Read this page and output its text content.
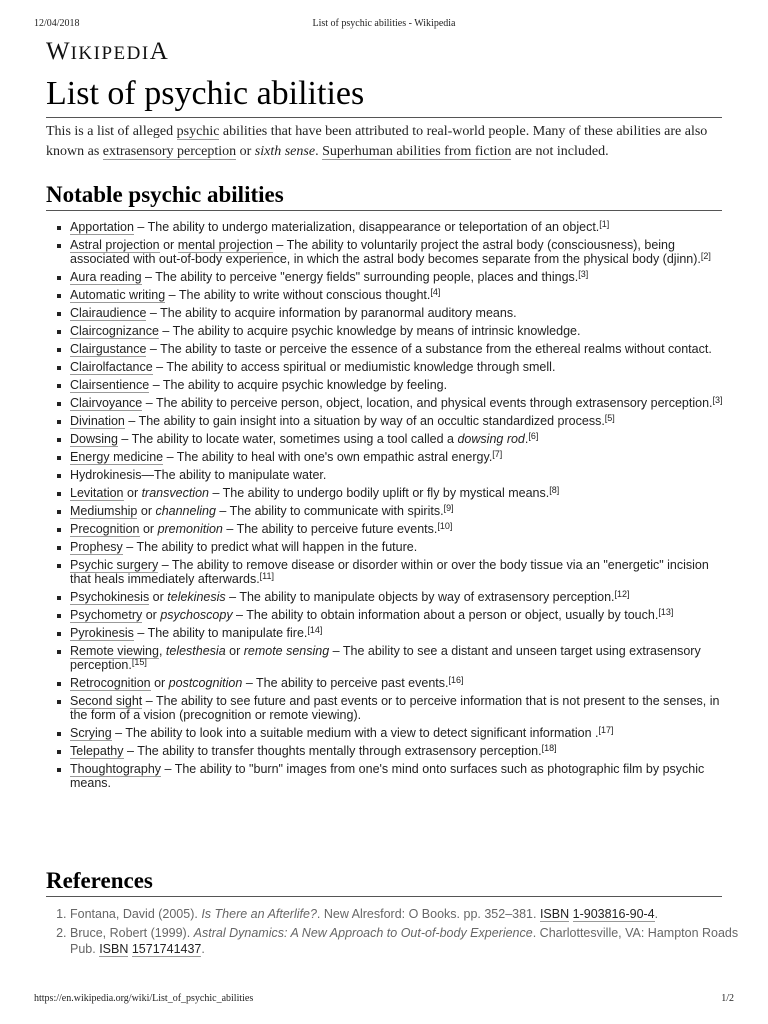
12/04/2018	List of psychic abilities - Wikipedia
WIKIPEDIA
List of psychic abilities

This is a list of alleged psychic abilities that have been attributed to real-world people. Many of these abilities are also known as extrasensory perception or sixth sense. Superhuman abilities from fiction are not included.

Notable psychic abilities
Apportation – The ability to undergo materialization, disappearance or teleportation of an object.[1]
Astral projection or mental projection – The ability to voluntarily project the astral body (consciousness), being associated with out-of-body experience, in which the astral body becomes separate from the physical body (djinn).[2]
Aura reading – The ability to perceive "energy fields" surrounding people, places and things.[3]
Automatic writing – The ability to write without conscious thought.[4]
Clairaudience – The ability to acquire information by paranormal auditory means.
Claircognizance – The ability to acquire psychic knowledge by means of intrinsic knowledge.
Clairgustance – The ability to taste or perceive the essence of a substance from the ethereal realms without contact.
Clairolfactance – The ability to access spiritual or mediumistic knowledge through smell.
Clairsentience – The ability to acquire psychic knowledge by feeling.
Clairvoyance – The ability to perceive person, object, location, and physical events through extrasensory perception.[3]
Divination – The ability to gain insight into a situation by way of an occultic standardized process.[5]
Dowsing – The ability to locate water, sometimes using a tool called a dowsing rod.[6]
Energy medicine – The ability to heal with one's own empathic astral energy.[7]
Hydrokinesis—The ability to manipulate water.
Levitation or transvection – The ability to undergo bodily uplift or fly by mystical means.[8]
Mediumship or channeling – The ability to communicate with spirits.[9]
Precognition or premonition – The ability to perceive future events.[10]
Prophesy – The ability to predict what will happen in the future.
Psychic surgery – The ability to remove disease or disorder within or over the body tissue via an "energetic" incision that heals immediately afterwards.[11]
Psychokinesis or telekinesis – The ability to manipulate objects by way of extrasensory perception.[12]
Psychometry or psychoscopy – The ability to obtain information about a person or object, usually by touch.[13]
Pyrokinesis – The ability to manipulate fire.[14]
Remote viewing, telesthesia or remote sensing – The ability to see a distant and unseen target using extrasensory perception.[15]
Retrocognition or postcognition – The ability to perceive past events.[16]
Second sight – The ability to see future and past events or to perceive information that is not present to the senses, in the form of a vision (precognition or remote viewing).
Scrying – The ability to look into a suitable medium with a view to detect significant information .[17]
Telepathy – The ability to transfer thoughts mentally through extrasensory perception.[18]
Thoughtography – The ability to "burn" images from one's mind onto surfaces such as photographic film by psychic means.
References
1. Fontana, David (2005). Is There an Afterlife?. New Alresford: O Books. pp. 352–381. ISBN 1-903816-90-4.
2. Bruce, Robert (1999). Astral Dynamics: A New Approach to Out-of-body Experience. Charlottesville, VA: Hampton Roads Pub. ISBN 1571741437.
https://en.wikipedia.org/wiki/List_of_psychic_abilities	1/2
